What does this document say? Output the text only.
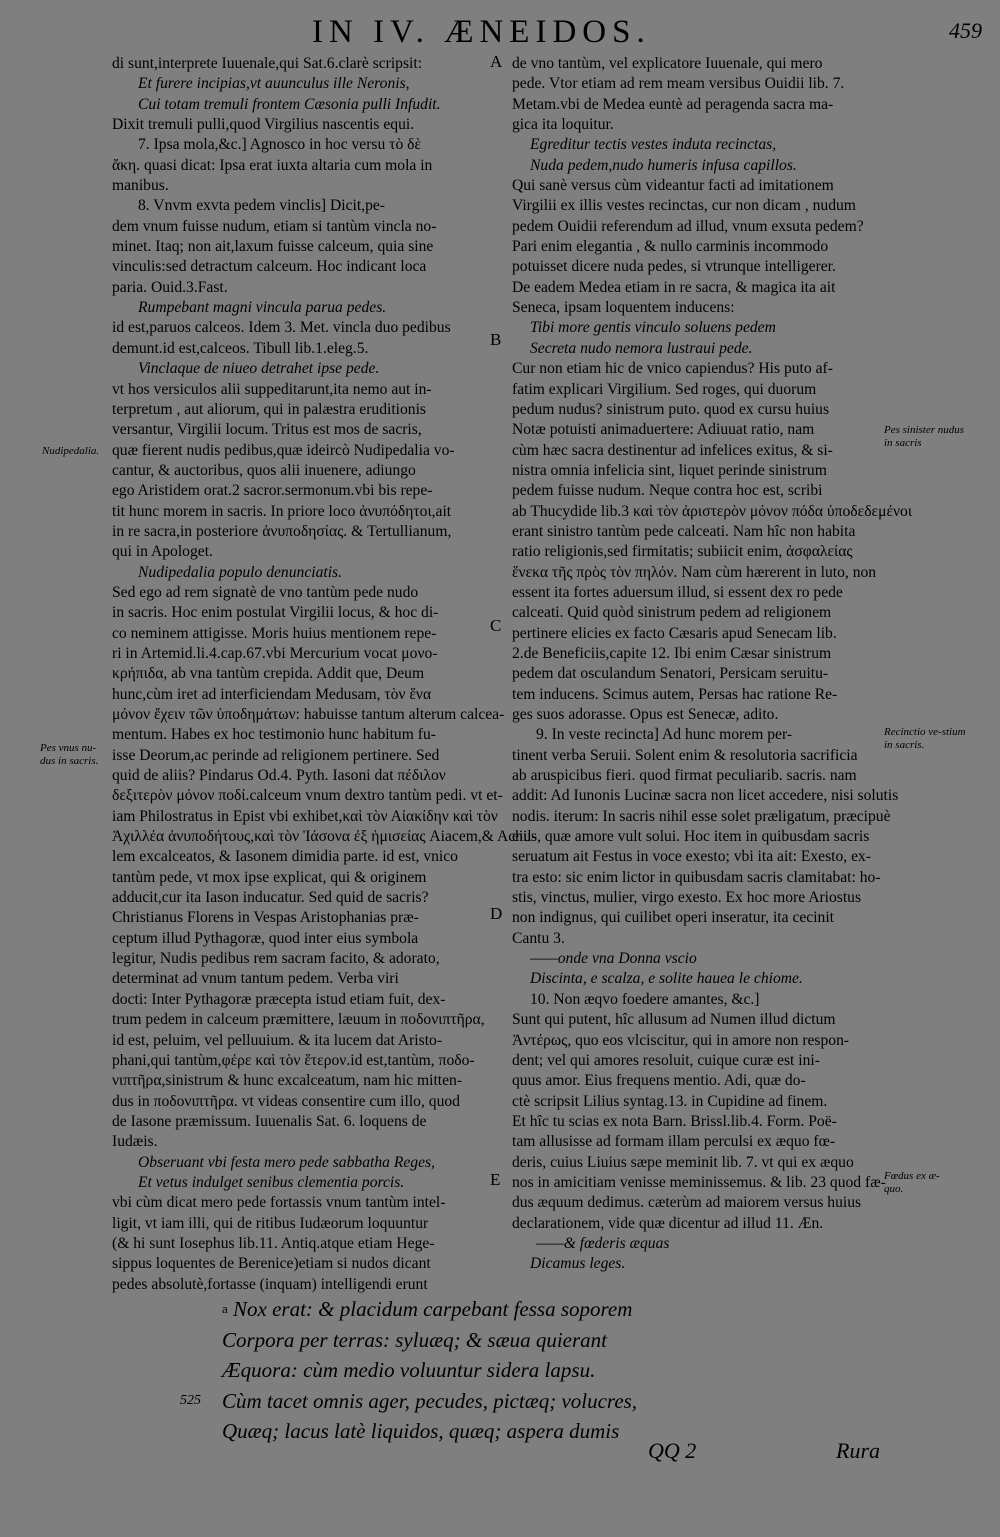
IN IV. ÆNEIDOS.	459
di sunt,interprete Iuuenale,qui Sat.6.clarè scripsit:
Et furere incipias,vt auunculus ille Neronis,
Cui totam tremuli frontem Cæsonia pulli Infudit.
Dixit tremuli pulli,quod Virgilius nascentis equi.
7. Ipsa mola,&c.] Agnosco in hoc versu τὸ δὲ
ἄκη. quasi dicat: Ipsa erat iuxta altaria cum mola in
manibus.
8. Vnvm exvta pedem vinclis] Dicit,pe-
dem vnum fuisse nudum, etiam si tantùm vincla no-
minet. Itaq; non ait,laxum fuisse calceum, quia sine
vinculis:sed detractum calceum. Hoc indicant loca
paria. Ouid.3.Fast.
Rumpebant magni vincula parua pedes.
id est,paruos calceos. Idem 3. Met. vincla duo pedibus
demunt.id est,calceos. Tibull lib.1.eleg.5.
Vinclaque de niueo detrahet ipse pede.
vt hos versiculos alii suppeditarunt,ita nemo aut in-
terpretum , aut aliorum, qui in palæstra eruditionis
versantur, Virgilii locum. Tritus est mos de sacris,
quæ fierent nudis pedibus,quæ ideircò Nudipedalia vo-
cantur, & auctoribus, quos alii inuenere, adiungo
ego Aristidem orat.2 sacror.sermonum.vbi bis repe-
tit hunc morem in sacris. In priore loco ἀνυπόδητοι,ait
in re sacra,in posteriore ἀνυποδησίας. & Tertullianum,
qui in Apologet.
Nudipedalia populo denunciatis.
Sed ego ad rem signatè de vno tantùm pede nudo
in sacris. Hoc enim postulat Virgilii locus, & hoc di-
co neminem attigisse. Moris huius mentionem repe-
ri in Artemid.li.4.cap.67.vbi Mercurium vocat μονο-
κρήπιδα, ab vna tantùm crepida. Addit que, Deum
hunc,cùm iret ad interficiendam Medusam, τὸν ἕνα
μόνον ἔχειν τῶν ὑποδημάτων: habuisse tantum alterum calcea-
mentum. Habes ex hoc testimonio hunc habitum fu-
isse Deorum,ac perinde ad religionem pertinere. Sed
quid de aliis? Pindarus Od.4. Pyth. Iasoni dat πέδιλον
δεξιτερὸν μόνον ποδί.calceum vnum dextro tantùm pedi. vt et-
iam Philostratus in Epist vbi exhibet,καὶ τὸν Αἰακίδην καὶ τὸν
Ἀχιλλέα ἀνυποδήτους,καὶ τὸν Ἰάσονα ἐξ ἡμισείας Aiacem,& Achil-
lem excalceatos, & Iasonem dimidia parte. id est, vnico
tantùm pede, vt mox ipse explicat, qui & originem
adducit,cur ita Iason inducatur. Sed quid de sacris?
Christianus Florens in Vespas Aristophanias præ-
ceptum illud Pythagoræ, quod inter eius symbola
legitur, Nudis pedibus rem sacram facito, & adorato,
determinat ad vnum tantum pedem. Verba viri
docti: Inter Pythagoræ præcepta istud etiam fuit, dex-
trum pedem in calceum præmittere, læuum in ποδονιπτῆρα,
id est, peluim, vel pelluuium. & ita lucem dat Aristo-
phani,qui tantùm,φέρε καὶ τὸν ἕτερον.id est,tantùm, ποδο-
νιπτῆρα,sinistrum & hunc excalceatum, nam hic mitten-
dus in ποδονιπτῆρα. vt videas consentire cum illo, quod
de Iasone præmissum. Iuuenalis Sat. 6. loquens de
Iudæis.
Obseruant vbi festa mero pede sabbatha Reges,
Et vetus indulget senibus clementia porcis.
vbi cùm dicat mero pede fortassis vnum tantùm intel-
ligit, vt iam illi, qui de ritibus Iudæorum loquuntur
(& hi sunt Iosephus lib.11. Antiq.atque etiam Hege-
sippus loquentes de Berenice)etiam si nudos dicant
pedes absolutè,fortasse (inquam) intelligendi erunt
de vno tantùm, vel explicatore Iuuenale, qui mero
pede. Vtor etiam ad rem meam versibus Ouidii lib. 7.
Metam.vbi de Medea euntè ad peragenda sacra ma-
gica ita loquitur.
Egreditur tectis vestes induta recinctas,
Nuda pedem,nudo humeris infusa capillos.
Qui sanè versus cùm videantur facti ad imitationem
Virgilii ex illis vestes recinctas, cur non dicam , nudum
pedem Ouidii referendum ad illud, vnum exsuta pedem?
Pari enim elegantia , & nullo carminis incommodo
potuisset dicere nuda pedes, si vtrunque intelligerer.
De eadem Medea etiam in re sacra, & magica ita ait
Seneca, ipsam loquentem inducens:
Tibi more gentis vinculo soluens pedem
Secreta nudo nemora lustraui pede.
Cur non etiam hic de vnico capiendus? His puto af-
fatim explicari Virgilium. Sed roges, qui duorum
pedum nudus? sinistrum puto. quod ex cursu huius
Notæ potuisti animaduertere: Adiuuat ratio, nam
cùm hæc sacra destinentur ad infelices exitus, & si-
nistra omnia infelicia sint, liquet perinde sinistrum
pedem fuisse nudum. Neque contra hoc est, scribi
ab Thucydide lib.3 καὶ τὸν ἀριστερὸν μόνον πόδα ὑποδεδεμένοι
erant sinistro tantùm pede calceati. Nam hîc non habita
ratio religionis,sed firmitatis; subiicit enim, ἀσφαλείας
ἕνεκα τῆς πρὸς τὸν πηλόν. Nam cùm hærerent in luto, non
essent ita fortes aduersum illud, si essent dex ro pede
calceati. Quid quòd sinistrum pedem ad religionem
pertinere elicies ex facto Cæsaris apud Senecam lib.
2.de Beneficiis,capite 12. Ibi enim Cæsar sinistrum
pedem dat osculandum Senatori, Persicam seruitu-
tem inducens. Scimus autem, Persas hac ratione Re-
ges suos adorasse. Opus est Senecæ, adito.
9. In veste recincta] Ad hunc morem per-
tinent verba Seruii. Solent enim & resolutoria sacrificia
ab aruspicibus fieri. quod firmat peculiarib. sacris. nam
addit: Ad Iunonis Lucinæ sacra non licet accedere, nisi solutis
nodis. iterum: In sacris nihil esse solet præligatum, præcipuè
eius, quæ amore vult solui. Hoc item in quibusdam sacris
seruatum ait Festus in voce exesto; vbi ita ait: Exesto, ex-
tra esto: sic enim lictor in quibusdam sacris clamitabat: ho-
stis, vinctus, mulier, virgo exesto. Ex hoc more Ariostus
non indignus, qui cuilibet operi inseratur, ita cecinit
Cantu 3.
——onde vna Donna vscio
Discinta, e scalza, e solite hauea le chiome.
10. Non æqvo foedere amantes, &c.]
Sunt qui putent, hîc allusum ad Numen illud dictum
Ἀντέρως, quo eos vlciscitur, qui in amore non respon-
dent; vel qui amores resoluit, cuique curæ est ini-
quus amor. Eius frequens mentio. Adi, quæ do-
ctè scripsit Lilius syntag.13. in Cupidine ad finem.
Et hîc tu scias ex nota Barn. Brissl.lib.4. Form. Poë-
tam allusisse ad formam illam perculsi ex æquo fœ-
deris, cuius Liuius sæpe meminit lib. 7. vt qui ex æquo
nos in amicitiam venisse meminissemus. & lib. 23 quod fæ-
dus æquum dedimus. cæterùm ad maiorem versus huius
declarationem, vide quæ dicentur ad illud 11. Æn.
——& fœderis æquas
Dicamus leges.
A
B
C
D
E
Nudipedalia.
Pes vnus nu-dus in sacris.
Pes sinister nudus in sacris
Recinctio ve-stium in sacris.
Fœdus ex æ-quo.
$^a$ Nox erat: & placidum carpebant fessa soporem
Corpora per terras: syluæq; & sæua quierant
Æquora: cùm medio voluuntur sidera lapsu.
525 Cùm tacet omnis ager, pecudes, pictæq; volucres,
Quæq; lacus latè liquidos, quæq; aspera dumis
QQ 2	Rura
